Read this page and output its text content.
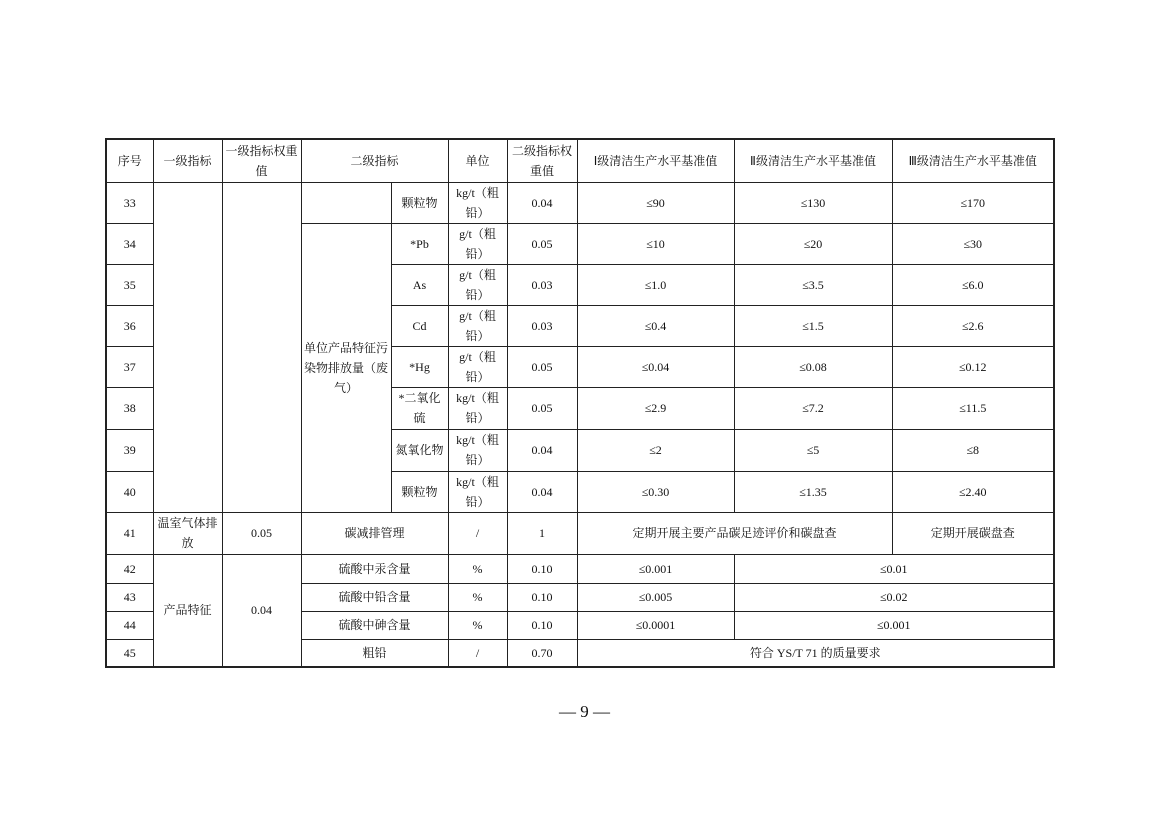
序号	一级指标	一级指标权重值	二级指标		单位	二级指标权重值	Ⅰ级清洁生产水平基准值	Ⅱ级清洁生产水平基准值	Ⅲ级清洁生产水平基准值
33				颗粒物	kg/t（粗铅）	0.04	≤90	≤130	≤170
34			单位产品特征污染物排放量（废气）	*Pb	g/t（粗铅）	0.05	≤10	≤20	≤30
35				As	g/t（粗铅）	0.03	≤1.0	≤3.5	≤6.0
36				Cd	g/t（粗铅）	0.03	≤0.4	≤1.5	≤2.6
37				*Hg	g/t（粗铅）	0.05	≤0.04	≤0.08	≤0.12
38				*二氧化硫	kg/t（粗铅）	0.05	≤2.9	≤7.2	≤11.5
39				氮氧化物	kg/t（粗铅）	0.04	≤2	≤5	≤8
40				颗粒物	kg/t（粗铅）	0.04	≤0.30	≤1.35	≤2.40
41	温室气体排放	0.05	碳减排管理		/	1	定期开展主要产品碳足迹评价和碳盘查		定期开展碳盘查
42	产品特征	0.04	硫酸中汞含量		%	0.10	≤0.001	≤0.01	
43			硫酸中铅含量		%	0.10	≤0.005	≤0.02	
44			硫酸中砷含量		%	0.10	≤0.0001	≤0.001	
45			粗铅		/	0.70	符合 YS/T 71 的质量要求		
— 9 —
